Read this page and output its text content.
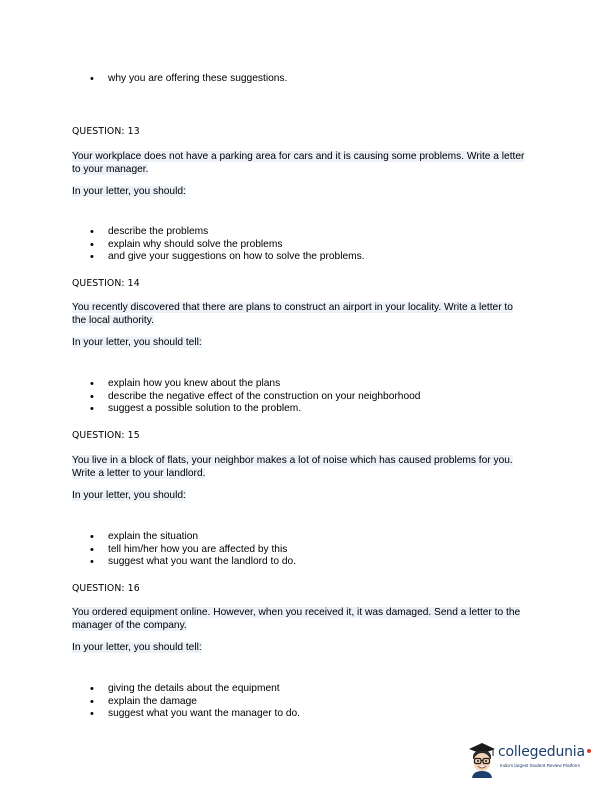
• why you are offering these suggestions.
QUESTION: 13
Your workplace does not have a parking area for cars and it is causing some problems. Write a letter
to your manager.
In your letter, you should:
• describe the problems
• explain why should solve the problems
• and give your suggestions on how to solve the problems.
QUESTION: 14
You recently discovered that there are plans to construct an airport in your locality. Write a letter to
the local authority.
In your letter, you should tell:
• explain how you knew about the plans
• describe the negative effect of the construction on your neighborhood
• suggest a possible solution to the problem.
QUESTION: 15
You live in a block of flats, your neighbor makes a lot of noise which has caused problems for you.
Write a letter to your landlord.
In your letter, you should:
• explain the situation
• tell him/her how you are affected by this
• suggest what you want the landlord to do.
QUESTION: 16
You ordered equipment online. However, when you received it, it was damaged. Send a letter to the
manager of the company.
In your letter, you should tell:
• giving the details about the equipment
• explain the damage
• suggest what you want the manager to do.
collegedunia•
India's largest Student Review Platform
